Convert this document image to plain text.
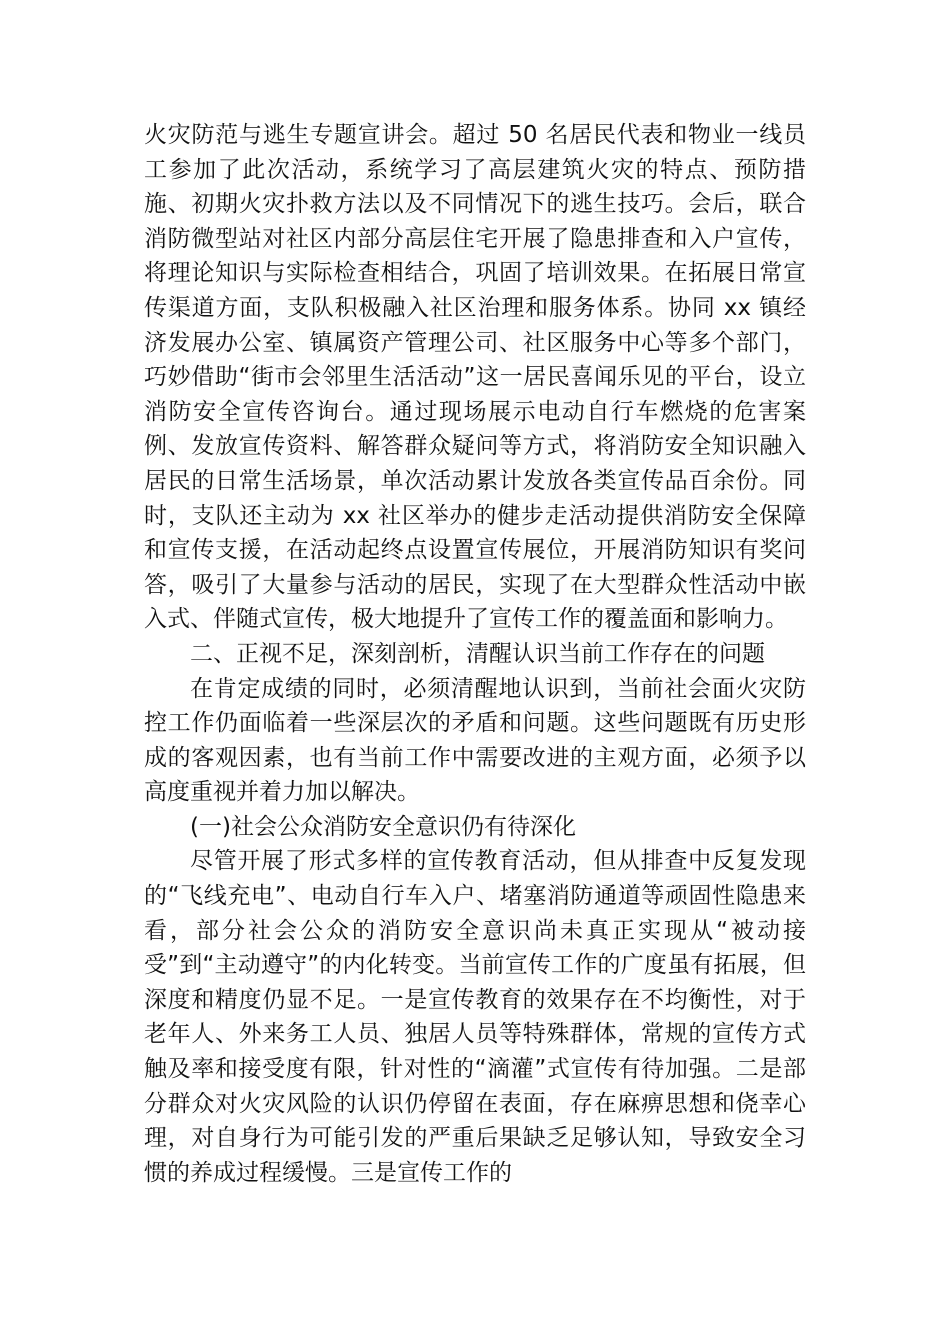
火灾防范与逃生专题宣讲会。超过 50 名居民代表和物业一线员工参加了此次活动，系统学习了高层建筑火灾的特点、预防措施、初期火灾扑救方法以及不同情况下的逃生技巧。会后，联合消防微型站对社区内部分高层住宅开展了隐患排查和入户宣传，将理论知识与实际检查相结合，巩固了培训效果。在拓展日常宣传渠道方面，支队积极融入社区治理和服务体系。协同 xx 镇经济发展办公室、镇属资产管理公司、社区服务中心等多个部门，巧妙借助“街市会邻里生活活动”这一居民喜闻乐见的平台，设立消防安全宣传咨询台。通过现场展示电动自行车燃烧的危害案例、发放宣传资料、解答群众疑问等方式，将消防安全知识融入居民的日常生活场景，单次活动累计发放各类宣传品百余份。同时，支队还主动为 xx 社区举办的健步走活动提供消防安全保障和宣传支援，在活动起终点设置宣传展位，开展消防知识有奖问答，吸引了大量参与活动的居民，实现了在大型群众性活动中嵌入式、伴随式宣传，极大地提升了宣传工作的覆盖面和影响力。

二、正视不足，深刻剖析，清醒认识当前工作存在的问题

在肯定成绩的同时，必须清醒地认识到，当前社会面火灾防控工作仍面临着一些深层次的矛盾和问题。这些问题既有历史形成的客观因素，也有当前工作中需要改进的主观方面，必须予以高度重视并着力加以解决。

(一)社会公众消防安全意识仍有待深化

尽管开展了形式多样的宣传教育活动，但从排查中反复发现的“飞线充电”、电动自行车入户、堵塞消防通道等顽固性隐患来看，部分社会公众的消防安全意识尚未真正实现从“被动接受”到“主动遵守”的内化转变。当前宣传工作的广度虽有拓展，但深度和精度仍显不足。一是宣传教育的效果存在不均衡性，对于老年人、外来务工人员、独居人员等特殊群体，常规的宣传方式触及率和接受度有限，针对性的“滴灌”式宣传有待加强。二是部分群众对火灾风险的认识仍停留在表面，存在麻痹思想和侥幸心理，对自身行为可能引发的严重后果缺乏足够认知，导致安全习惯的养成过程缓慢。三是宣传工作的
